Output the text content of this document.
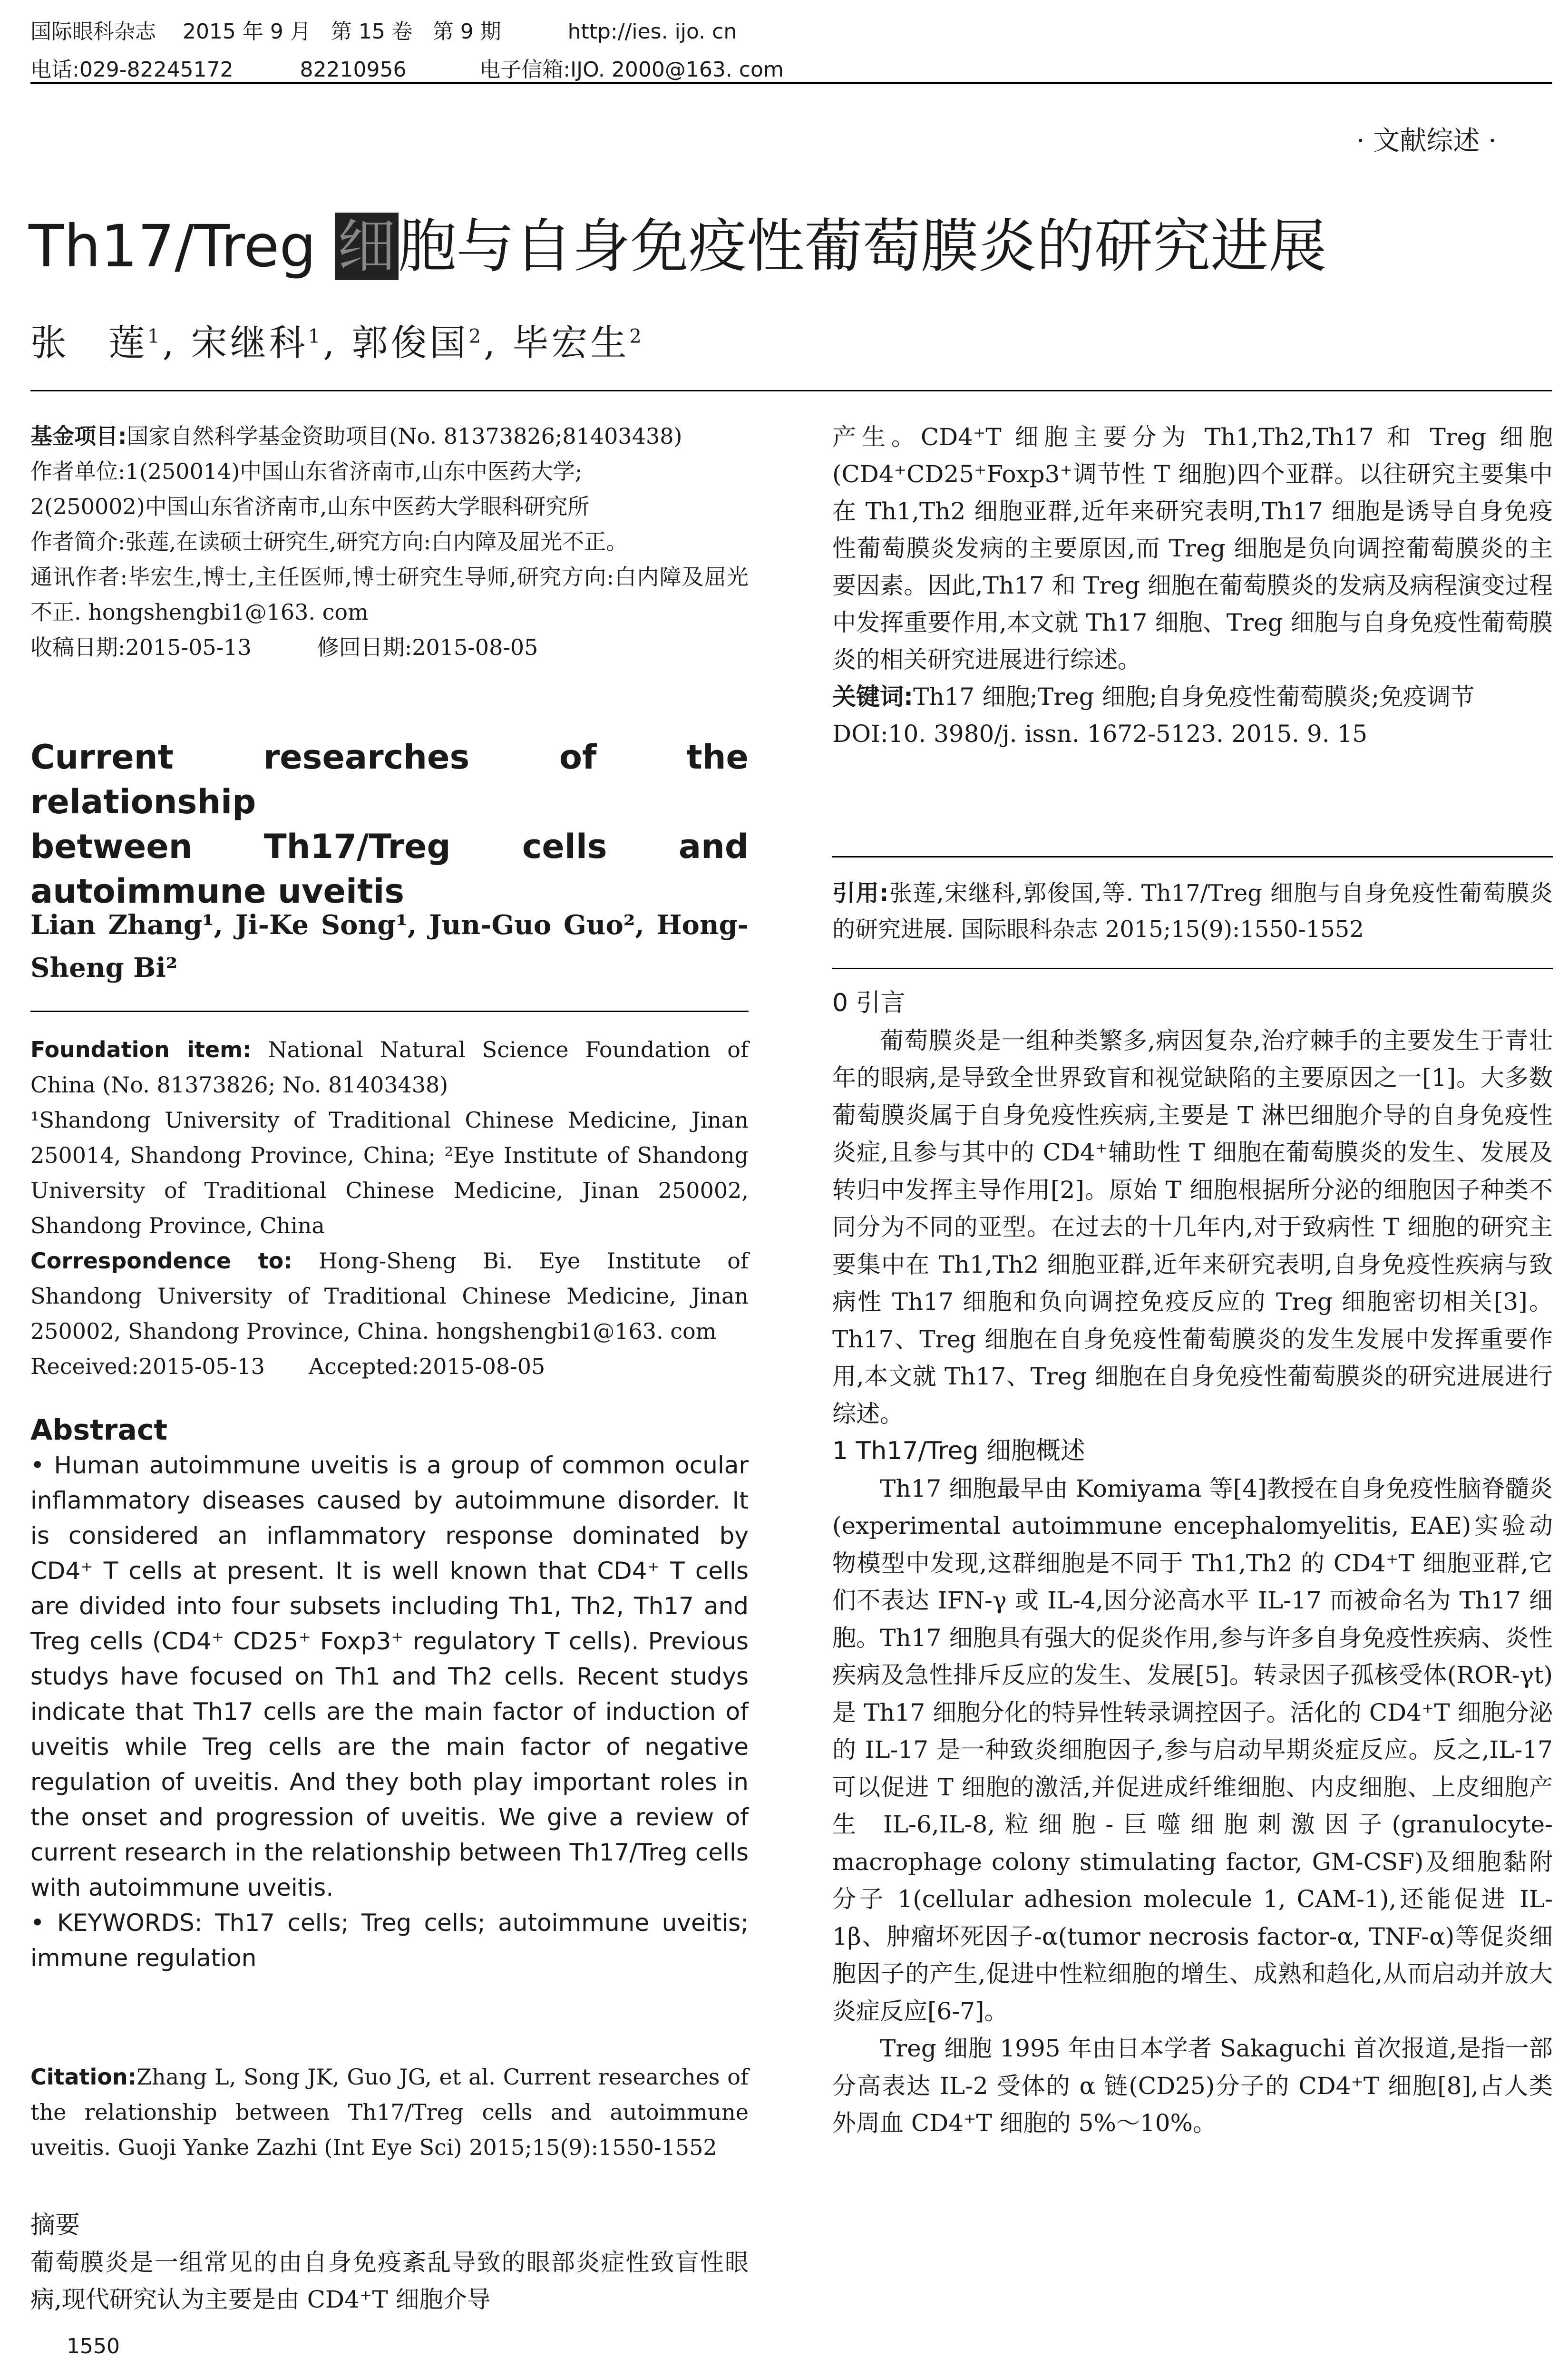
国际眼科杂志    2015 年 9 月   第 15 卷   第 9 期          http://ies. ijo. cn
电话:029-82245172          82210956           电子信箱:IJO. 2000@163. com
· 文献综述 ·
Th17/Treg 细胞与自身免疫性葡萄膜炎的研究进展
张　莲$^1$, 宋继科$^1$, 郭俊国$^2$, 毕宏生$^2$

基金项目:国家自然科学基金资助项目(No. 81373826;81403438)

作者单位:1(250014)中国山东省济南市,山东中医药大学;

2(250002)中国山东省济南市,山东中医药大学眼科研究所

作者简介:张莲,在读硕士研究生,研究方向:白内障及屈光不正。

通讯作者:毕宏生,博士,主任医师,博士研究生导师,研究方向:白内障及屈光不正. hongshengbi1@163. com

收稿日期:2015-05-13　　　	修回日期:2015-08-05

Current researches of the relationship
between Th17/Treg cells and
autoimmune uveitis
Lian Zhang¹, Ji-Ke Song¹, Jun-Guo Guo², Hong-Sheng Bi²

Foundation item: National Natural Science Foundation of China (No. 81373826; No. 81403438)

¹Shandong University of Traditional Chinese Medicine, Jinan 250014, Shandong Province, China; ²Eye Institute of Shandong University of Traditional Chinese Medicine, Jinan 250002, Shandong Province, China

Correspondence to: Hong-Sheng Bi. Eye Institute of Shandong University of Traditional Chinese Medicine, Jinan 250002, Shandong Province, China. hongshengbi1@163. com

Received:2015-05-13　　 Accepted:2015-08-05

Abstract

• Human autoimmune uveitis is a group of common ocular inflammatory diseases caused by autoimmune disorder. It is considered an inflammatory response dominated by CD4⁺ T cells at present. It is well known that CD4⁺ T cells are divided into four subsets including Th1, Th2, Th17 and Treg cells (CD4⁺ CD25⁺ Foxp3⁺ regulatory T cells). Previous studys have focused on Th1 and Th2 cells. Recent studys indicate that Th17 cells are the main factor of induction of uveitis while Treg cells are the main factor of negative regulation of uveitis. And they both play important roles in the onset and progression of uveitis. We give a review of current research in the relationship between Th17/Treg cells with autoimmune uveitis.

• KEYWORDS: Th17 cells; Treg cells; autoimmune uveitis; immune regulation

Citation:Zhang L, Song JK, Guo JG, et al. Current researches of the relationship between Th17/Treg cells and autoimmune uveitis. Guoji Yanke Zazhi (Int Eye Sci) 2015;15(9):1550-1552

摘要

葡萄膜炎是一组常见的由自身免疫紊乱导致的眼部炎症性致盲性眼病,现代研究认为主要是由 CD4⁺T 细胞介导

1550

产生。CD4⁺T 细胞主要分为 Th1,Th2,Th17 和 Treg 细胞(CD4⁺CD25⁺Foxp3⁺调节性 T 细胞)四个亚群。以往研究主要集中在 Th1,Th2 细胞亚群,近年来研究表明,Th17 细胞是诱导自身免疫性葡萄膜炎发病的主要原因,而 Treg 细胞是负向调控葡萄膜炎的主要因素。因此,Th17 和 Treg 细胞在葡萄膜炎的发病及病程演变过程中发挥重要作用,本文就 Th17 细胞、Treg 细胞与自身免疫性葡萄膜炎的相关研究进展进行综述。

关键词:Th17 细胞;Treg 细胞;自身免疫性葡萄膜炎;免疫调节

DOI:10. 3980/j. issn. 1672-5123. 2015. 9. 15

引用:张莲,宋继科,郭俊国,等. Th17/Treg 细胞与自身免疫性葡萄膜炎的研究进展. 国际眼科杂志 2015;15(9):1550-1552

0 引言

葡萄膜炎是一组种类繁多,病因复杂,治疗棘手的主要发生于青壮年的眼病,是导致全世界致盲和视觉缺陷的主要原因之一[1]。大多数葡萄膜炎属于自身免疫性疾病,主要是 T 淋巴细胞介导的自身免疫性炎症,且参与其中的 CD4⁺辅助性 T 细胞在葡萄膜炎的发生、发展及转归中发挥主导作用[2]。原始 T 细胞根据所分泌的细胞因子种类不同分为不同的亚型。在过去的十几年内,对于致病性 T 细胞的研究主要集中在 Th1,Th2 细胞亚群,近年来研究表明,自身免疫性疾病与致病性 Th17 细胞和负向调控免疫反应的 Treg 细胞密切相关[3]。Th17、Treg 细胞在自身免疫性葡萄膜炎的发生发展中发挥重要作用,本文就 Th17、Treg 细胞在自身免疫性葡萄膜炎的研究进展进行综述。

1 Th17/Treg 细胞概述

Th17 细胞最早由 Komiyama 等[4]教授在自身免疫性脑脊髓炎(experimental autoimmune encephalomyelitis, EAE)实验动物模型中发现,这群细胞是不同于 Th1,Th2 的 CD4⁺T 细胞亚群,它们不表达 IFN-γ 或 IL-4,因分泌高水平 IL-17 而被命名为 Th17 细胞。Th17 细胞具有强大的促炎作用,参与许多自身免疫性疾病、炎性疾病及急性排斥反应的发生、发展[5]。转录因子孤核受体(ROR-γt)是 Th17 细胞分化的特异性转录调控因子。活化的 CD4⁺T 细胞分泌的 IL-17 是一种致炎细胞因子,参与启动早期炎症反应。反之,IL-17 可以促进 T 细胞的激活,并促进成纤维细胞、内皮细胞、上皮细胞产生 IL-6,IL-8,粒细胞-巨噬细胞刺激因子(granulocyte-macrophage colony stimulating factor, GM-CSF)及细胞黏附分子 1(cellular adhesion molecule 1, CAM-1),还能促进 IL-1β、肿瘤坏死因子-α(tumor necrosis factor-α, TNF-α)等促炎细胞因子的产生,促进中性粒细胞的增生、成熟和趋化,从而启动并放大炎症反应[6-7]。

Treg 细胞 1995 年由日本学者 Sakaguchi 首次报道,是指一部分高表达 IL-2 受体的 α 链(CD25)分子的 CD4⁺T 细胞[8],占人类外周血 CD4⁺T 细胞的 5%～10%。
